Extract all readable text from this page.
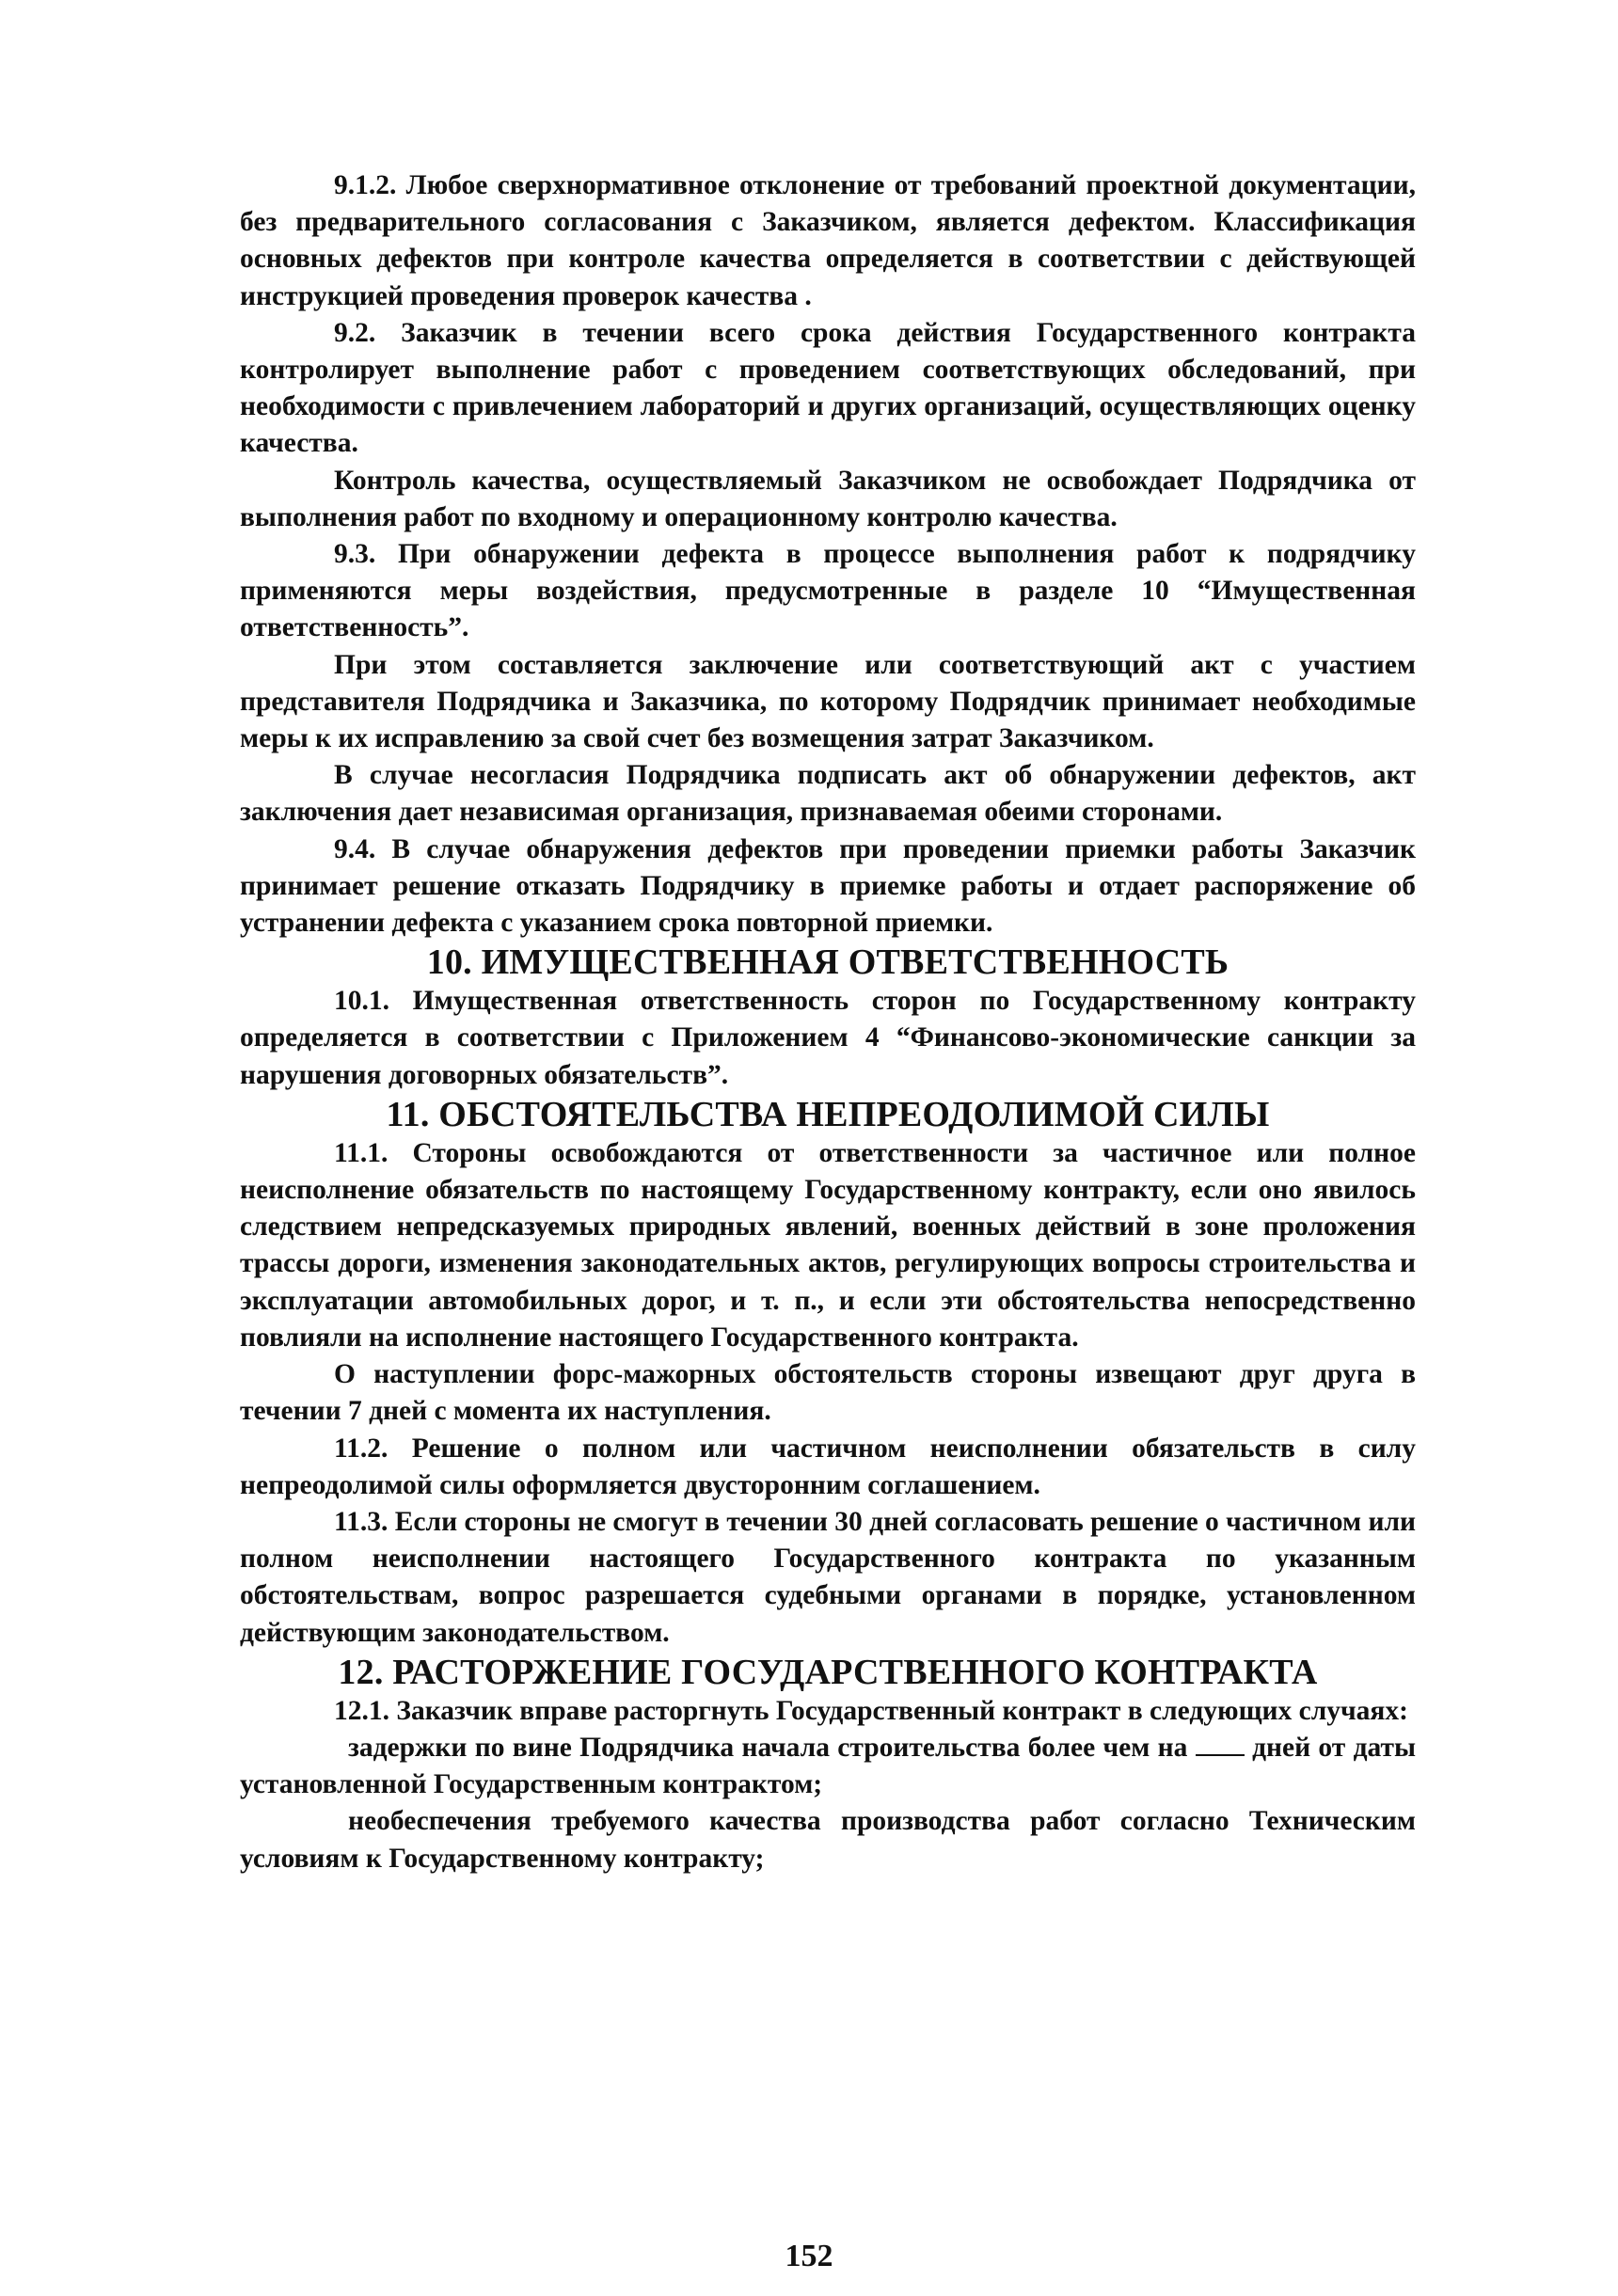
9.1.2. Любое сверхнормативное отклонение от требований проектной документации, без предварительного согласования с Заказчиком, является дефектом. Классификация основных дефектов при контроле качества определяется в соответствии с действующей инструкцией проведения проверок качества .

9.2. Заказчик в течении всего срока действия Государственного контракта контролирует выполнение работ с проведением соответствующих обследований, при необходимости с привлечением лабораторий и других организаций, осуществляющих оценку качества.

Контроль качества, осуществляемый Заказчиком не освобождает Подрядчика от выполнения работ по входному и операционному контролю качества.

9.3. При обнаружении дефекта в процессе выполнения работ к подрядчику применяются меры воздействия, предусмотренные в разделе 10 “Имущественная ответственность”.

При этом составляется заключение или соответствующий акт с участием представителя Подрядчика и Заказчика, по которому Подрядчик принимает необходимые меры к их исправлению за свой счет без возмещения затрат Заказчиком.

В случае несогласия Подрядчика подписать акт об обнаружении дефектов, акт заключения дает независимая организация, признаваемая обеими сторонами.

9.4. В случае обнаружения дефектов при проведении приемки работы Заказчик принимает решение отказать Подрядчику в приемке работы и отдает распоряжение об устранении дефекта с указанием срока повторной приемки.

10. ИМУЩЕСТВЕННАЯ ОТВЕТСТВЕННОСТЬ

10.1. Имущественная ответственность сторон по Государственному контракту определяется в соответствии с Приложением 4 “Финансово-экономические санкции за нарушения договорных обязательств”.

11. ОБСТОЯТЕЛЬСТВА НЕПРЕОДОЛИМОЙ СИЛЫ

11.1. Стороны освобождаются от ответственности за частичное или полное неисполнение обязательств по настоящему Государственному контракту, если оно явилось следствием непредсказуемых природных явлений, военных действий в зоне проложения трассы дороги, изменения законодательных актов, регулирующих вопросы строительства и эксплуатации автомобильных дорог, и т. п., и если эти обстоятельства непосредственно повлияли на исполнение настоящего Государственного контракта.

О наступлении форс-мажорных обстоятельств стороны извещают друг друга в течении 7 дней с момента их наступления.

11.2. Решение о полном или частичном неисполнении обязательств в силу непреодолимой силы оформляется двусторонним соглашением.

11.3. Если стороны не смогут в течении 30 дней согласовать решение о частичном или полном неисполнении настоящего Государственного контракта по указанным обстоятельствам, вопрос разрешается судебными органами в порядке, установленном действующим законодательством.

12. РАСТОРЖЕНИЕ ГОСУДАРСТВЕННОГО КОНТРАКТА

12.1. Заказчик вправе расторгнуть Государственный контракт в следующих случаях:

задержки по вине Подрядчика начала строительства более чем на дней от даты установленной Государственным контрактом;

необеспечения требуемого качества производства работ согласно Техническим условиям к Государственному контракту;

152
